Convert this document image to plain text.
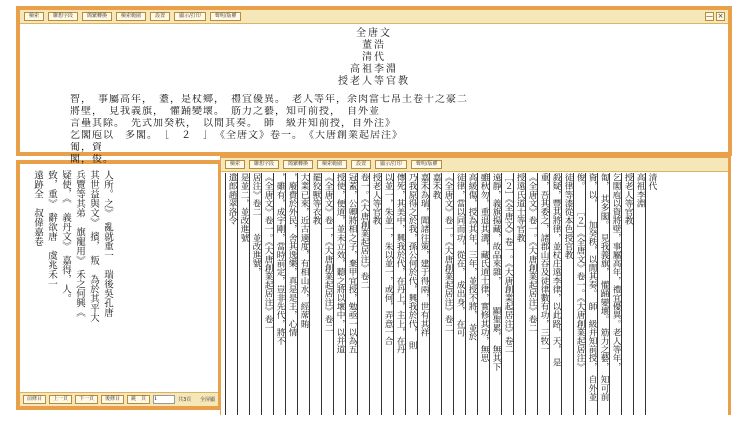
檢索	聯想字段	簡繁轉換	檢索範圍	設置	顯示/打印	聲明/版權	— ×
全唐文
董浩
清代
高祖李淵
授老人等官教
智，　事屬高年，　耋，是杖鄉，　禮宜優異。　老人等年，余肉當七帛土卷十之豪二
將壁，　見我義旗，　懽踊變壞。　筋力之藝，知可前授，　自外並
言壘其除。　先式加癸秩，　以閒其奏。　師　級并知前授，自外注》
乞閣庖以　多閣。　［　２　］　《全唐文》卷一。　《大唐創業起居注》
匍，資
閣，俊。
人所。之》　亂就重一　瑞後吳孔唐
其世益與文》　擯，　叛　為於其平大
兵覽等其弟　旗寵用》　禾之何興《
疑使，《　義丹文》　嘉得，人。
致，重》　辭欲唐　虞兆禾一
遠跡全　叔偉嘉卷
前條目	上一頁	下一頁	後條目	跳　頁	1	共3頁 全屏顯
檢索	聯想字段	簡繁轉換	檢索範圍	設置	顯示/打印	聲明/版權
清代
高祖李淵
授老人等官教
乞閣庖以資將壁，事屬高年，禮宜優異。老人等年，
匍，　其多閣。　見我義旗，　懽踊變壞。　筋力之藝，　知可前
資，以，　　加癸秩，以閒其奏。　師　級并知前授，　自外並
俊。　　　［２］《全唐文》卷一。《大唐創業起居注》
徒律等漆從本色授官教
殺疑，豐其將律，並杖庄遠李律，以此路，天，　是
重，吾其委之，諸郡山吞及徒律數有功，三牧一
《全唐文》卷一。《大唐創業起居注》卷二
授遠氏道士等官教
［２］《全唐文》卷一。《大唐創業起居注》卷二
遠靜，義旗揚藏，故品來雜，　　　顯聖累，　無其下
雖秋勿，重退其溝，藏氏道士律，實修其功，無思
高緩傷，授為其年，三年，並授不將，　並於
徒律，當以同而功，從在，　成出身，　在可
《全唐文》卷一。《大唐創業起居注》卷二
嘉禾教
嘉禾為瑞，聞諸往策，建于得兩，世有其祥
乃我原得之於我，孫公何於代，興我於代，　則
傳死，其美中，興我於代，在丹上，主上，在丹
以並一，朱並一，朱以並一，或何，弄意一合
授老人等官教
卷一。《大唐創業起居注》卷二
冠蓋，公卿將相之子，棄甲宜授，勉亟一以為五
授使，便道，並未立效，聽之將以壞中，以并道
《全唐文》卷一，《大唐創業起居注》卷二
罷狡獸等衣教
大業已來，近古適度，有相山水，經蓆賄
，廢費於外民，舍其逸樂，真是是王，心情
，雖有，成宇剛，當時前定，豈非先代，將不
《全唐文》卷一。《大唐創業起居注》卷一
居注》卷二　　並改進號，
是並二，並改進號
遣郎趙翠洛令
